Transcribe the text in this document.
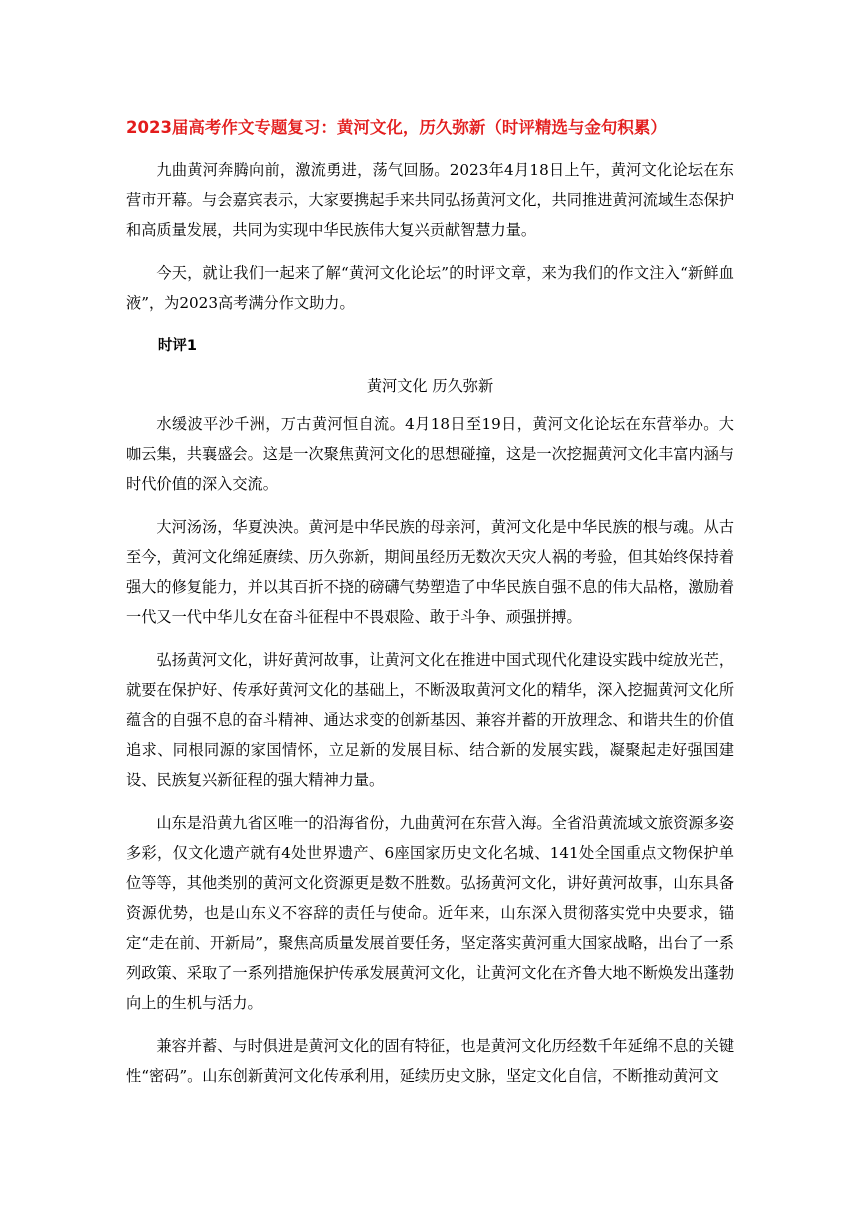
2023届高考作文专题复习：黄河文化，历久弥新（时评精选与金句积累）

九曲黄河奔腾向前，激流勇进，荡气回肠。2023年4月18日上午，黄河文化论坛在东营市开幕。与会嘉宾表示，大家要携起手来共同弘扬黄河文化，共同推进黄河流域生态保护和高质量发展，共同为实现中华民族伟大复兴贡献智慧力量。

今天，就让我们一起来了解“黄河文化论坛”的时评文章，来为我们的作文注入“新鲜血液”，为2023高考满分作文助力。

时评1
黄河文化 历久弥新

水缓波平沙千洲，万古黄河恒自流。4月18日至19日，黄河文化论坛在东营举办。大咖云集，共襄盛会。这是一次聚焦黄河文化的思想碰撞，这是一次挖掘黄河文化丰富内涵与时代价值的深入交流。

大河汤汤，华夏泱泱。黄河是中华民族的母亲河，黄河文化是中华民族的根与魂。从古至今，黄河文化绵延赓续、历久弥新，期间虽经历无数次天灾人祸的考验，但其始终保持着强大的修复能力，并以其百折不挠的磅礴气势塑造了中华民族自强不息的伟大品格，激励着一代又一代中华儿女在奋斗征程中不畏艰险、敢于斗争、顽强拼搏。

弘扬黄河文化，讲好黄河故事，让黄河文化在推进中国式现代化建设实践中绽放光芒，就要在保护好、传承好黄河文化的基础上，不断汲取黄河文化的精华，深入挖掘黄河文化所蕴含的自强不息的奋斗精神、通达求变的创新基因、兼容并蓄的开放理念、和谐共生的价值追求、同根同源的家国情怀，立足新的发展目标、结合新的发展实践，凝聚起走好强国建设、民族复兴新征程的强大精神力量。

山东是沿黄九省区唯一的沿海省份，九曲黄河在东营入海。全省沿黄流域文旅资源多姿多彩，仅文化遗产就有4处世界遗产、6座国家历史文化名城、141处全国重点文物保护单位等等，其他类别的黄河文化资源更是数不胜数。弘扬黄河文化，讲好黄河故事，山东具备资源优势，也是山东义不容辞的责任与使命。近年来，山东深入贯彻落实党中央要求，锚定“走在前、开新局”，聚焦高质量发展首要任务，坚定落实黄河重大国家战略，出台了一系列政策、采取了一系列措施保护传承发展黄河文化，让黄河文化在齐鲁大地不断焕发出蓬勃向上的生机与活力。

兼容并蓄、与时俱进是黄河文化的固有特征，也是黄河文化历经数千年延绵不息的关键性“密码”。山东创新黄河文化传承利用，延续历史文脉，坚定文化自信，不断推动黄河文
